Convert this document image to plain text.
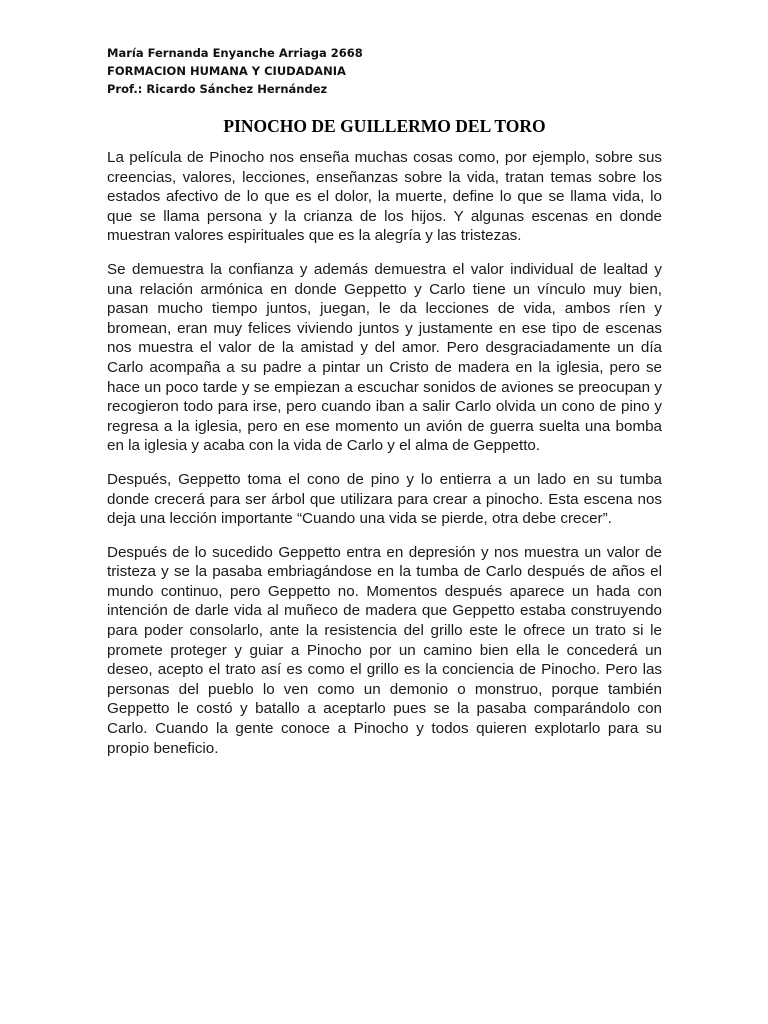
María Fernanda Enyanche Arriaga 2668
FORMACION HUMANA Y CIUDADANIA
Prof.: Ricardo Sánchez Hernández
PINOCHO DE GUILLERMO DEL TORO

La película de Pinocho nos enseña muchas cosas como, por ejemplo, sobre sus creencias, valores, lecciones, enseñanzas sobre la vida, tratan temas sobre los estados afectivo de lo que es el dolor, la muerte, define lo que se llama vida, lo que se llama persona y la crianza de los hijos. Y algunas escenas en donde muestran valores espirituales que es la alegría y las tristezas.

Se demuestra la confianza y además demuestra el valor individual de lealtad y una relación armónica en donde Geppetto y Carlo tiene un vínculo muy bien, pasan mucho tiempo juntos, juegan, le da lecciones de vida, ambos ríen y bromean, eran muy felices viviendo juntos y justamente en ese tipo de escenas nos muestra el valor de la amistad y del amor. Pero desgraciadamente un día Carlo acompaña a su padre a pintar un Cristo de madera en la iglesia, pero se hace un poco tarde y se empiezan a escuchar sonidos de aviones se preocupan y recogieron todo para irse, pero cuando iban a salir Carlo olvida un cono de pino y regresa a la iglesia, pero en ese momento un avión de guerra suelta una bomba en la iglesia y acaba con la vida de Carlo y el alma de Geppetto.

Después, Geppetto toma el cono de pino y lo entierra a un lado en su tumba donde crecerá para ser árbol que utilizara para crear a pinocho. Esta escena nos deja una lección importante “Cuando una vida se pierde, otra debe crecer”.

Después de lo sucedido Geppetto entra en depresión y nos muestra un valor de tristeza y se la pasaba embriagándose en la tumba de Carlo después de años el mundo continuo, pero Geppetto no. Momentos después aparece un hada con intención de darle vida al muñeco de madera que Geppetto estaba construyendo para poder consolarlo, ante la resistencia del grillo este le ofrece un trato si le promete proteger y guiar a Pinocho por un camino bien ella le concederá un deseo, acepto el trato así es como el grillo es la conciencia de Pinocho. Pero las personas del pueblo lo ven como un demonio o monstruo, porque también Geppetto le costó y batallo a aceptarlo pues se la pasaba comparándolo con Carlo. Cuando la gente conoce a Pinocho y todos quieren explotarlo para su propio beneficio.
